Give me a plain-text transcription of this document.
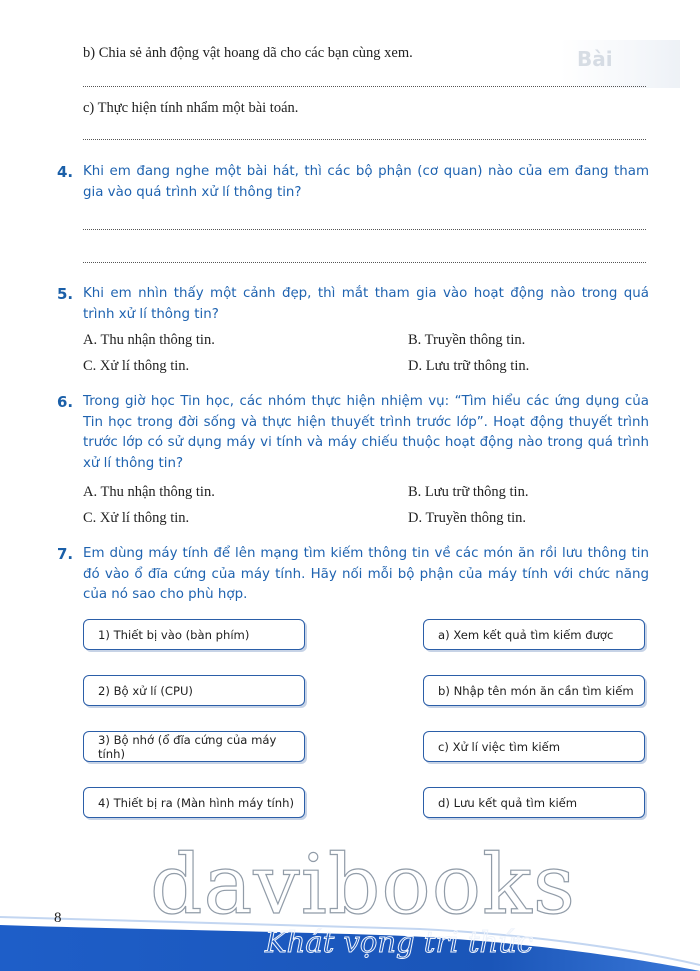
Bài
b) Chia sẻ ảnh động vật hoang dã cho các bạn cùng xem.
c) Thực hiện tính nhẩm một bài toán.
4. Khi em đang nghe một bài hát, thì các bộ phận (cơ quan) nào của em đang tham gia vào quá trình xử lí thông tin?
5. Khi em nhìn thấy một cảnh đẹp, thì mắt tham gia vào hoạt động nào trong quá trình xử lí thông tin?
A. Thu nhận thông tin.	B. Truyền thông tin.
C. Xử lí thông tin.	D. Lưu trữ thông tin.
6. Trong giờ học Tin học, các nhóm thực hiện nhiệm vụ: “Tìm hiểu các ứng dụng của Tin học trong đời sống và thực hiện thuyết trình trước lớp”. Hoạt động thuyết trình trước lớp có sử dụng máy vi tính và máy chiếu thuộc hoạt động nào trong quá trình xử lí thông tin?
A. Thu nhận thông tin.	B. Lưu trữ thông tin.
C. Xử lí thông tin.	D. Truyền thông tin.
7. Em dùng máy tính để lên mạng tìm kiếm thông tin về các món ăn rồi lưu thông tin đó vào ổ đĩa cứng của máy tính. Hãy nối mỗi bộ phận của máy tính với chức năng của nó sao cho phù hợp.
1) Thiết bị vào (bàn phím)
2) Bộ xử lí (CPU)
3) Bộ nhớ (ổ đĩa cứng của máy tính)
4) Thiết bị ra (Màn hình máy tính)
a) Xem kết quả tìm kiếm được
b) Nhập tên món ăn cần tìm kiếm
c) Xử lí việc tìm kiếm
d) Lưu kết quả tìm kiếm
8 davibooks
Khát vọng tri thức
